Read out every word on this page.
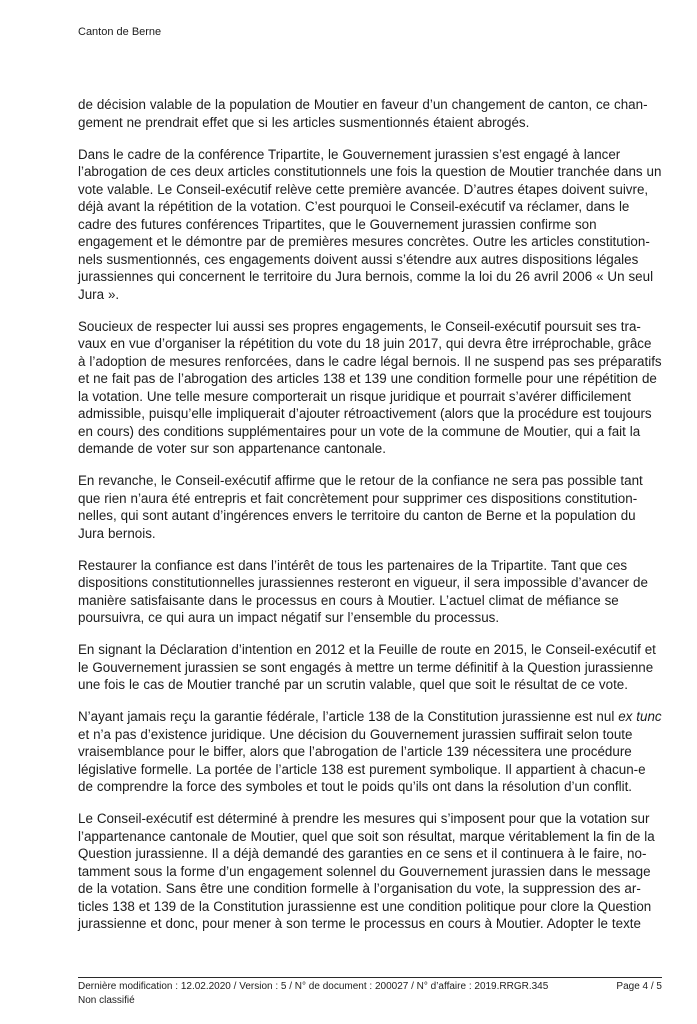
Canton de Berne

de décision valable de la population de Moutier en faveur d’un changement de canton, ce changement ne prendrait effet que si les articles susmentionnés étaient abrogés.

Dans le cadre de la conférence Tripartite, le Gouvernement jurassien s’est engagé à lancer l’abrogation de ces deux articles constitutionnels une fois la question de Moutier tranchée dans un vote valable. Le Conseil-exécutif relève cette première avancée. D’autres étapes doivent suivre, déjà avant la répétition de la votation. C’est pourquoi le Conseil-exécutif va réclamer, dans le cadre des futures conférences Tripartites, que le Gouvernement jurassien confirme son engagement et le démontre par de premières mesures concrètes. Outre les articles constitutionnels susmentionnés, ces engagements doivent aussi s’étendre aux autres dispositions légales jurassiennes qui concernent le territoire du Jura bernois, comme la loi du 26 avril 2006 « Un seul Jura ».

Soucieux de respecter lui aussi ses propres engagements, le Conseil-exécutif poursuit ses travaux en vue d’organiser la répétition du vote du 18 juin 2017, qui devra être irréprochable, grâce à l’adoption de mesures renforcées, dans le cadre légal bernois. Il ne suspend pas ses préparatifs et ne fait pas de l’abrogation des articles 138 et 139 une condition formelle pour une répétition de la votation. Une telle mesure comporterait un risque juridique et pourrait s’avérer difficilement admissible, puisqu’elle impliquerait d’ajouter rétroactivement (alors que la procédure est toujours en cours) des conditions supplémentaires pour un vote de la commune de Moutier, qui a fait la demande de voter sur son appartenance cantonale.

En revanche, le Conseil-exécutif affirme que le retour de la confiance ne sera pas possible tant que rien n’aura été entrepris et fait concrètement pour supprimer ces dispositions constitutionnelles, qui sont autant d’ingérences envers le territoire du canton de Berne et la population du Jura bernois.

Restaurer la confiance est dans l’intérêt de tous les partenaires de la Tripartite. Tant que ces dispositions constitutionnelles jurassiennes resteront en vigueur, il sera impossible d’avancer de manière satisfaisante dans le processus en cours à Moutier. L’actuel climat de méfiance se poursuivra, ce qui aura un impact négatif sur l’ensemble du processus.

En signant la Déclaration d’intention en 2012 et la Feuille de route en 2015, le Conseil-exécutif et le Gouvernement jurassien se sont engagés à mettre un terme définitif à la Question jurassienne une fois le cas de Moutier tranché par un scrutin valable, quel que soit le résultat de ce vote.

N’ayant jamais reçu la garantie fédérale, l’article 138 de la Constitution jurassienne est nul ex tunc et n’a pas d’existence juridique. Une décision du Gouvernement jurassien suffirait selon toute vraisemblance pour le biffer, alors que l’abrogation de l’article 139 nécessitera une procédure législative formelle. La portée de l’article 138 est purement symbolique. Il appartient à chacun-e de comprendre la force des symboles et tout le poids qu’ils ont dans la résolution d’un conflit.

Le Conseil-exécutif est déterminé à prendre les mesures qui s’imposent pour que la votation sur l’appartenance cantonale de Moutier, quel que soit son résultat, marque véritablement la fin de la Question jurassienne. Il a déjà demandé des garanties en ce sens et il continuera à le faire, notamment sous la forme d’un engagement solennel du Gouvernement jurassien dans le message de la votation. Sans être une condition formelle à l’organisation du vote, la suppression des articles 138 et 139 de la Constitution jurassienne est une condition politique pour clore la Question jurassienne et donc, pour mener à son terme le processus en cours à Moutier. Adopter le texte

Dernière modification : 12.02.2020 / Version : 5 / N° de document : 200027 / N° d’affaire : 2019.RRGR.345
Non classifié
Page 4 / 5
